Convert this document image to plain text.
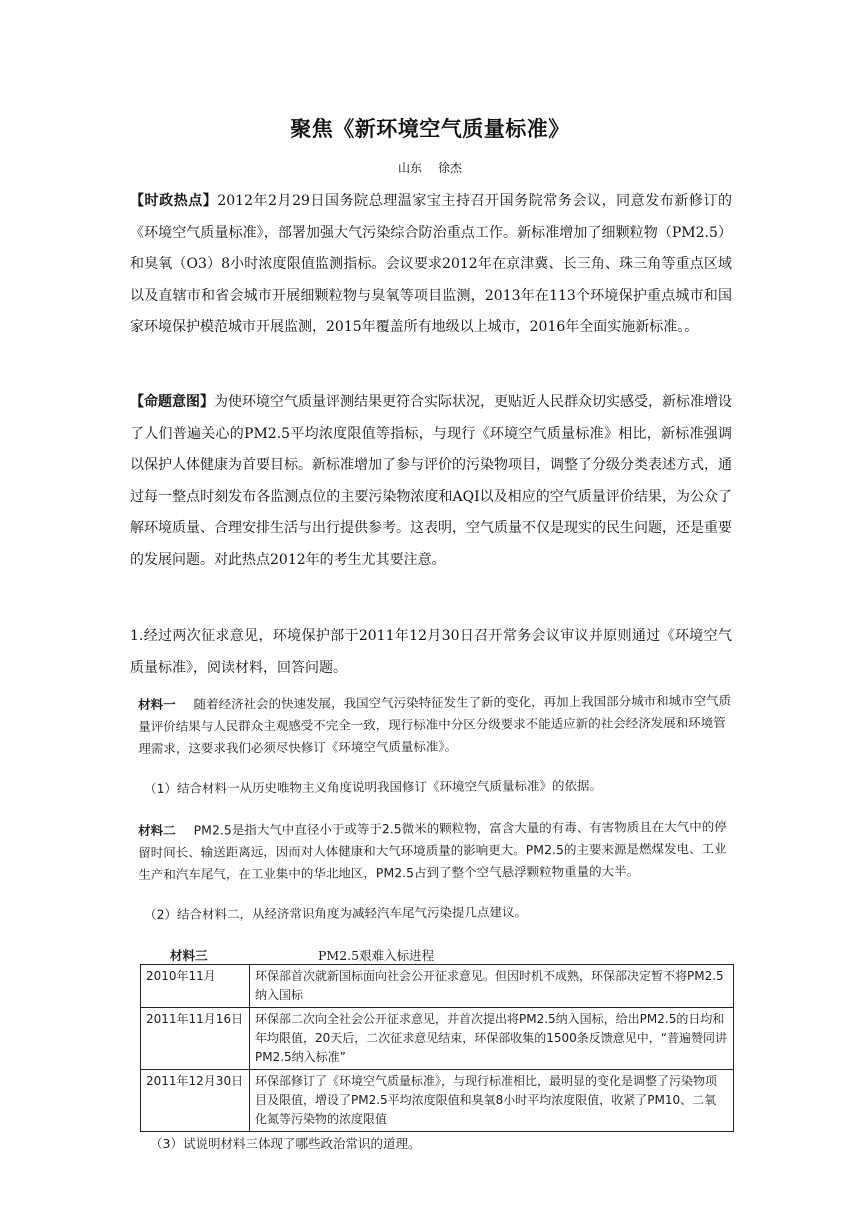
聚焦《新环境空气质量标准》
山东 徐杰

【时政热点】2012年2月29日国务院总理温家宝主持召开国务院常务会议，同意发布新修订的《环境空气质量标准》，部署加强大气污染综合防治重点工作。新标准增加了细颗粒物（PM2.5）和臭氧（O3）8小时浓度限值监测指标。会议要求2012年在京津冀、长三角、珠三角等重点区域以及直辖市和省会城市开展细颗粒物与臭氧等项目监测，2013年在113个环境保护重点城市和国家环境保护模范城市开展监测，2015年覆盖所有地级以上城市，2016年全面实施新标准。。

【命题意图】为使环境空气质量评测结果更符合实际状况，更贴近人民群众切实感受，新标准增设了人们普遍关心的PM2.5平均浓度限值等指标，与现行《环境空气质量标准》相比，新标准强调以保护人体健康为首要目标。新标准增加了参与评价的污染物项目，调整了分级分类表述方式，通过每一整点时刻发布各监测点位的主要污染物浓度和AQI以及相应的空气质量评价结果，为公众了解环境质量、合理安排生活与出行提供参考。这表明，空气质量不仅是现实的民生问题，还是重要的发展问题。对此热点2012年的考生尤其要注意。

1.经过两次征求意见，环境保护部于2011年12月30日召开常务会议审议并原则通过《环境空气质量标准》，阅读材料，回答问题。

材料一 随着经济社会的快速发展，我国空气污染特征发生了新的变化，再加上我国部分城市和城市空气质量评价结果与人民群众主观感受不完全一致，现行标准中分区分级要求不能适应新的社会经济发展和环境管理需求，这要求我们必须尽快修订《环境空气质量标准》。

（1）结合材料一从历史唯物主义角度说明我国修订《环境空气质量标准》的依据。

材料二 PM2.5是指大气中直径小于或等于2.5微米的颗粒物，富含大量的有毒、有害物质且在大气中的停留时间长、输送距离远，因而对人体健康和大气环境质量的影响更大。PM2.5的主要来源是燃煤发电、工业生产和汽车尾气，在工业集中的华北地区，PM2.5占到了整个空气悬浮颗粒物重量的大半。

（2）结合材料二，从经济常识角度为减轻汽车尾气污染提几点建议。

材料三	PM2.5艰难入标进程
2010年11月	环保部首次就新国标面向社会公开征求意见。但因时机不成熟，环保部决定暂不将PM2.5纳入国标
2011年11月16日	环保部二次向全社会公开征求意见，并首次提出将PM2.5纳入国标，给出PM2.5的日均和年均限值，20天后，二次征求意见结束，环保部收集的1500条反馈意见中，“普遍赞同讲PM2.5纳入标准”
2011年12月30日	环保部修订了《环境空气质量标准》，与现行标准相比，最明显的变化是调整了污染物项目及限值，增设了PM2.5平均浓度限值和臭氧8小时平均浓度限值，收紧了PM10、二氧化氮等污染物的浓度限值
（3）试说明材料三体现了哪些政治常识的道理。
